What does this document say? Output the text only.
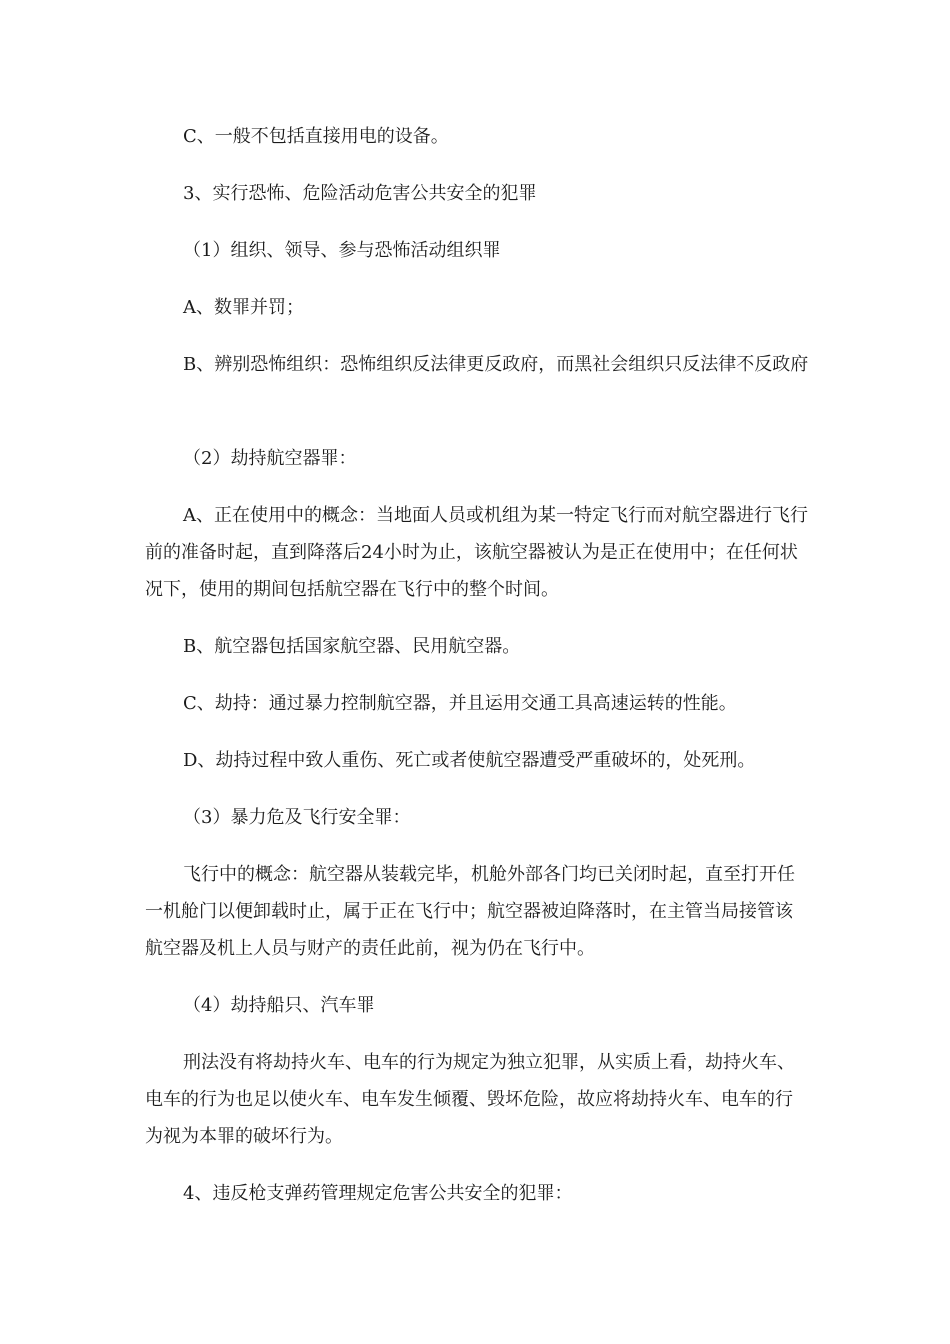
C、一般不包括直接用电的设备。

3、实行恐怖、危险活动危害公共安全的犯罪

（1）组织、领导、参与恐怖活动组织罪

A、数罪并罚；

B、辨别恐怖组织：恐怖组织反法律更反政府，而黑社会组织只反法律不反政府

（2）劫持航空器罪：

A、正在使用中的概念：当地面人员或机组为某一特定飞行而对航空器进行飞行前的准备时起，直到降落后24小时为止，该航空器被认为是正在使用中；在任何状况下，使用的期间包括航空器在飞行中的整个时间。

B、航空器包括国家航空器、民用航空器。

C、劫持：通过暴力控制航空器，并且运用交通工具高速运转的性能。

D、劫持过程中致人重伤、死亡或者使航空器遭受严重破坏的，处死刑。

（3）暴力危及飞行安全罪：

飞行中的概念：航空器从装载完毕，机舱外部各门均已关闭时起，直至打开任一机舱门以便卸载时止，属于正在飞行中；航空器被迫降落时，在主管当局接管该航空器及机上人员与财产的责任此前，视为仍在飞行中。

（4）劫持船只、汽车罪

刑法没有将劫持火车、电车的行为规定为独立犯罪，从实质上看，劫持火车、电车的行为也足以使火车、电车发生倾覆、毁坏危险，故应将劫持火车、电车的行为视为本罪的破坏行为。

4、违反枪支弹药管理规定危害公共安全的犯罪：
